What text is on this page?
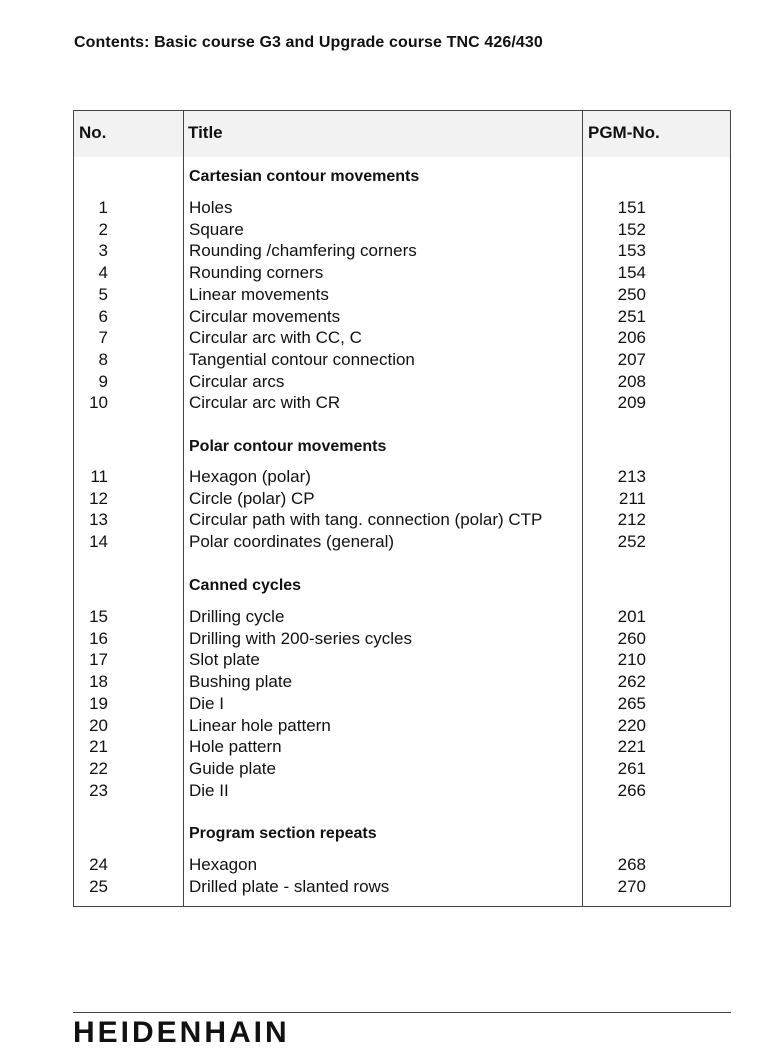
Contents: Basic course G3 and Upgrade course TNC 426/430
No.	Title	PGM-No.
Cartesian contour movements
1	Holes	151
2	Square	152
3	Rounding /chamfering corners	153
4	Rounding corners	154
5	Linear movements	250
6	Circular movements	251
7	Circular arc with CC, C	206
8	Tangential contour connection	207
9	Circular arcs	208
10	Circular arc with CR	209
Polar contour movements
11	Hexagon (polar)	213
12	Circle (polar) CP	211
13	Circular path with tang. connection (polar) CTP	212
14	Polar coordinates (general)	252
Canned cycles
15	Drilling cycle	201
16	Drilling with 200-series cycles	260
17	Slot plate	210
18	Bushing plate	262
19	Die I	265
20	Linear hole pattern	220
21	Hole pattern	221
22	Guide plate	261
23	Die II	266
Program section repeats
24	Hexagon	268
25	Drilled plate - slanted rows	270
HEIDENHAIN
